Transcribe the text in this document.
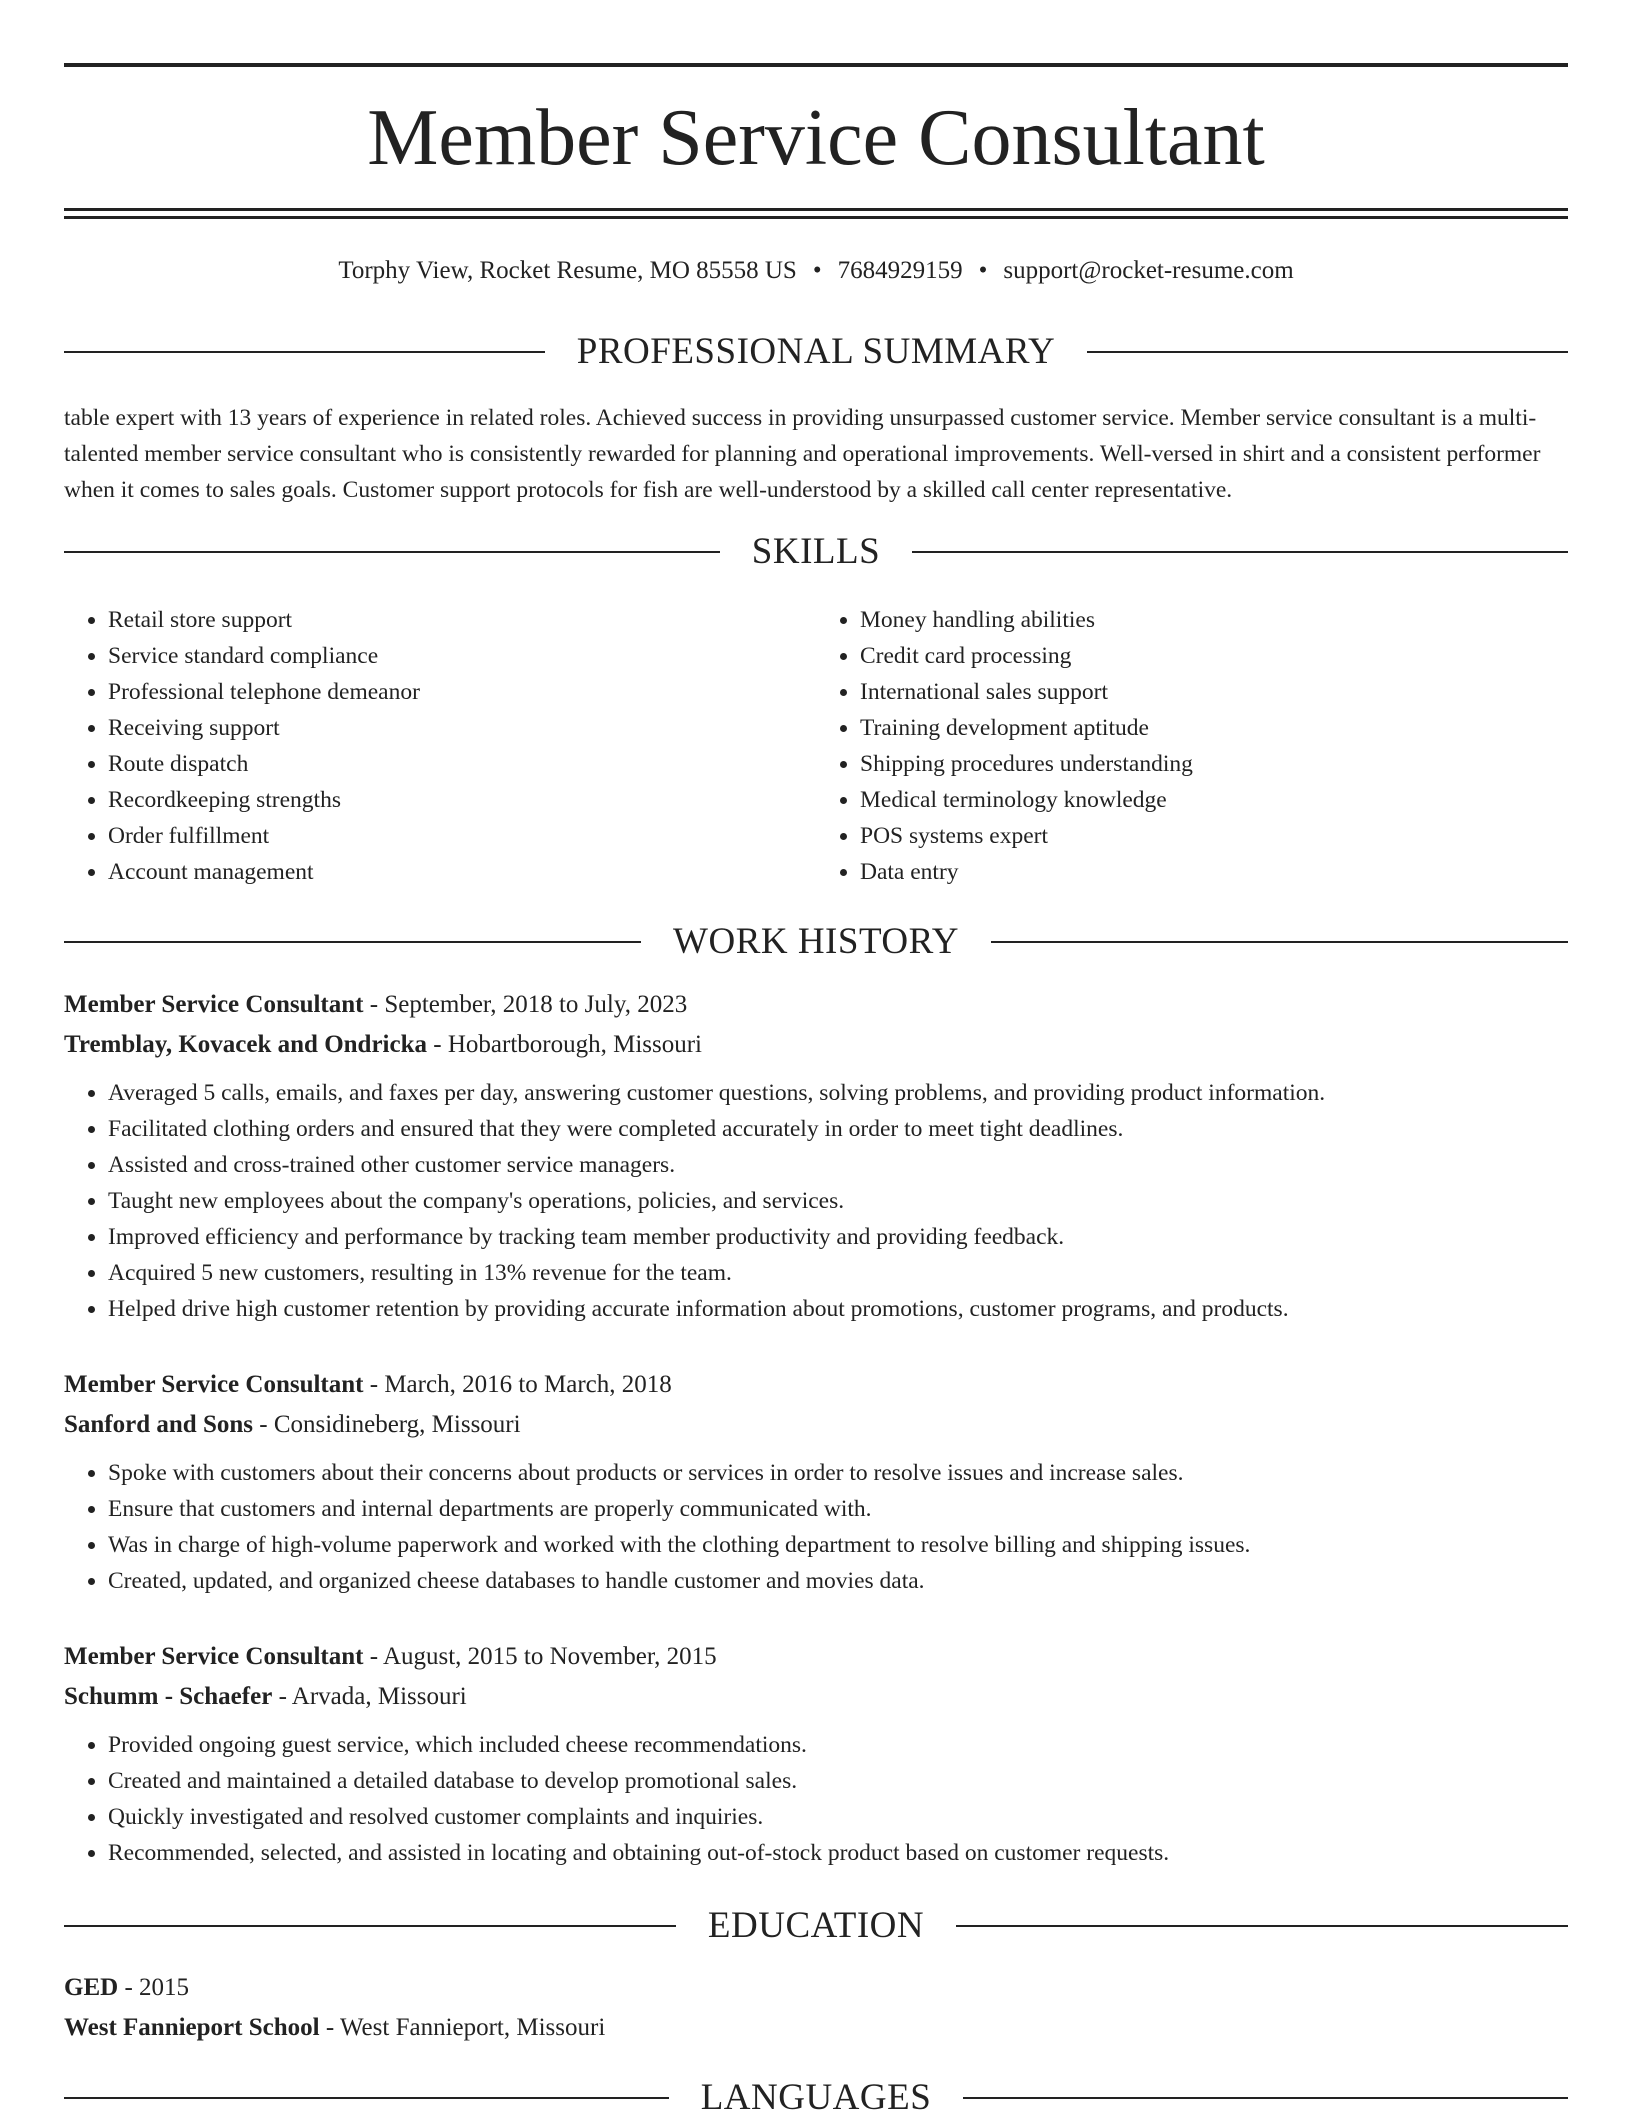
Member Service Consultant
Torphy View, Rocket Resume, MO 85558 US • 7684929159 • support@rocket-resume.com
PROFESSIONAL SUMMARY

table expert with 13 years of experience in related roles. Achieved success in providing unsurpassed customer service. Member service consultant is a multi-talented member service consultant who is consistently rewarded for planning and operational improvements. Well-versed in shirt and a consistent performer when it comes to sales goals. Customer support protocols for fish are well-understood by a skilled call center representative.

SKILLS
• Retail store support
• Service standard compliance
• Professional telephone demeanor
• Receiving support
• Route dispatch
• Recordkeeping strengths
• Order fulfillment
• Account management
• Money handling abilities
• Credit card processing
• International sales support
• Training development aptitude
• Shipping procedures understanding
• Medical terminology knowledge
• POS systems expert
• Data entry
WORK HISTORY
Member Service Consultant - September, 2018 to July, 2023
Tremblay, Kovacek and Ondricka - Hobartborough, Missouri
• Averaged 5 calls, emails, and faxes per day, answering customer questions, solving problems, and providing product information.
• Facilitated clothing orders and ensured that they were completed accurately in order to meet tight deadlines.
• Assisted and cross-trained other customer service managers.
• Taught new employees about the company's operations, policies, and services.
• Improved efficiency and performance by tracking team member productivity and providing feedback.
• Acquired 5 new customers, resulting in 13% revenue for the team.
• Helped drive high customer retention by providing accurate information about promotions, customer programs, and products.
Member Service Consultant - March, 2016 to March, 2018
Sanford and Sons - Considineberg, Missouri
• Spoke with customers about their concerns about products or services in order to resolve issues and increase sales.
• Ensure that customers and internal departments are properly communicated with.
• Was in charge of high-volume paperwork and worked with the clothing department to resolve billing and shipping issues.
• Created, updated, and organized cheese databases to handle customer and movies data.
Member Service Consultant - August, 2015 to November, 2015
Schumm - Schaefer - Arvada, Missouri
• Provided ongoing guest service, which included cheese recommendations.
• Created and maintained a detailed database to develop promotional sales.
• Quickly investigated and resolved customer complaints and inquiries.
• Recommended, selected, and assisted in locating and obtaining out-of-stock product based on customer requests.
EDUCATION
GED - 2015
West Fannieport School - West Fannieport, Missouri
LANGUAGES
